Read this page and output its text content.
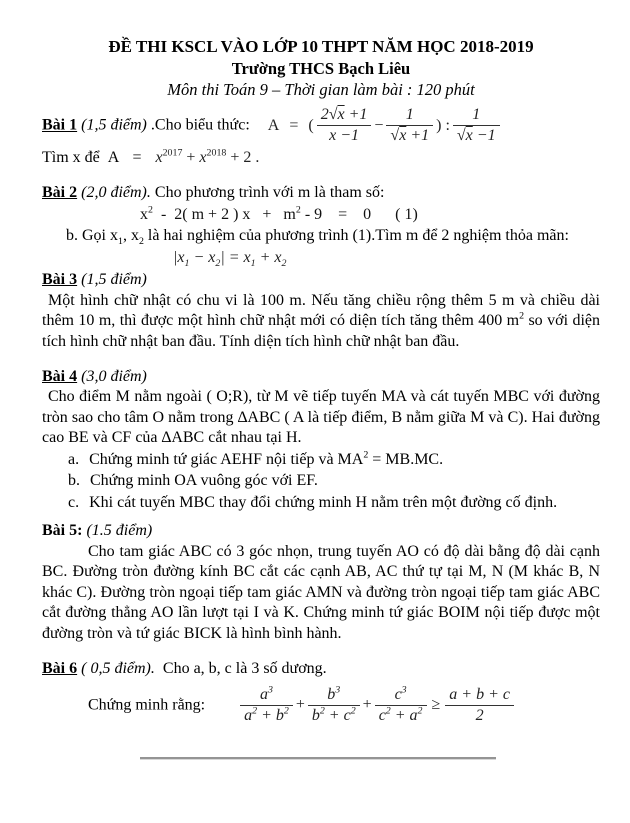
ĐỀ THI KSCL VÀO LỚP 10 THPT NĂM HỌC 2018-2019
Trường THCS Bạch Liêu
Môn thi Toán 9 – Thời gian làm bài : 120 phút
Bài 1 (1,5 điểm) .Cho biểu thức: A = ( $\frac{2√x +1}{x -1} - \frac{1}{√x +1}$ ) : $\frac{1}{√x -1}$
Tìm x để $A = x^{2017} + x^{2018} + 2$ .
Bài 2 (2,0 điểm). Cho phương trình với m là tham số:
$x^2 - 2$( m + 2 ) $x + m^2 - 9$    =    0      ( 1)
b. Gọi $x_1$, $x_2$ là hai nghiệm của phương trình (1).Tìm m để 2 nghiệm thỏa mãn:
$|x_1 - x_2| = x_1 + x_2$
Bài 3 (1,5 điểm)
Một hình chữ nhật có chu vi là 100 m. Nếu tăng chiều rộng thêm 5 m và chiều dài thêm 10 m, thì được một hình chữ nhật mới có diện tích tăng thêm 400 $m^2$ so với diện tích hình chữ nhật ban đầu. Tính diện tích hình chữ nhật ban đầu.
Bài 4 (3,0 điểm)
Cho điểm M nằm ngoài ( O;R), từ M vẽ tiếp tuyến MA và cát tuyến MBC với đường tròn sao cho tâm O nằm trong ∆ABC ( A là tiếp điểm, B nằm giữa M và C). Hai đường cao BE và CF của ∆ABC cắt nhau tại H.
a. Chứng minh tứ giác AEHF nội tiếp và $MA^2 = MB.MC$.
b. Chứng minh OA vuông góc với EF.
c. Khi cát tuyến MBC thay đổi chứng minh H nằm trên một đường cố định.
Bài 5: (1.5 điểm)
Cho tam giác ABC có 3 góc nhọn, trung tuyến AO có độ dài bằng độ dài cạnh BC. Đường tròn đường kính BC cắt các cạnh AB, AC thứ tự tại M, N (M khác B, N khác C). Đường tròn ngoại tiếp tam giác AMN và đường tròn ngoại tiếp tam giác ABC cắt đường thẳng AO lần lượt tại I và K. Chứng minh tứ giác BOIM nội tiếp được một đường tròn và tứ giác BICK là hình bình hành.
Bài 6 ( 0,5 điểm). Cho a, b, c là 3 số dương.
Chứng minh rằng: $\frac{a^3}{a^2 + b^2} + \frac{b^3}{b^2 + c^2} + \frac{c^3}{c^2 + a^2} \ge \frac{a + b + c}{2}$
